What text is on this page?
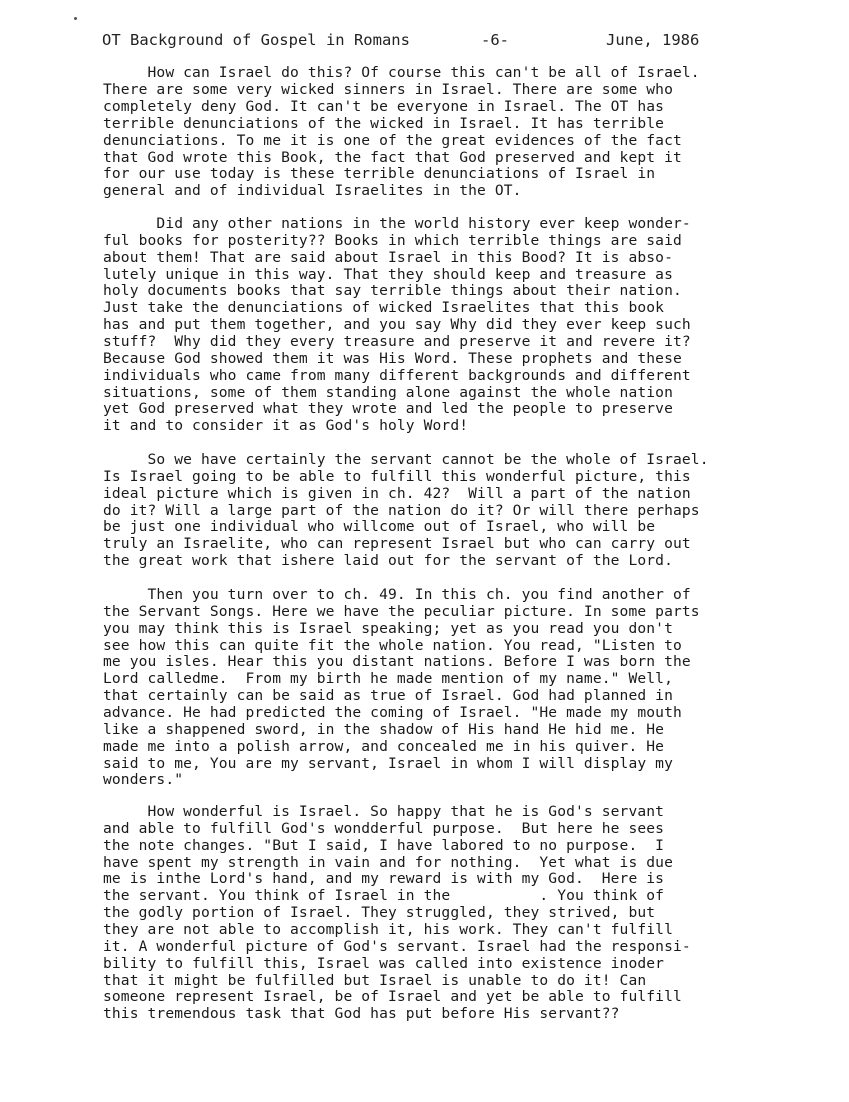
OT Background of Gospel in Romans	-6-	June, 1986
How can Israel do this? Of course this can't be all of Israel.
There are some very wicked sinners in Israel. There are some who
completely deny God. It can't be everyone in Israel. The OT has
terrible denunciations of the wicked in Israel. It has terrible
denunciations. To me it is one of the great evidences of the fact
that God wrote this Book, the fact that God preserved and kept it
for our use today is these terrible denunciations of Israel in
general and of individual Israelites in the OT.
Did any other nations in the world history ever keep wonder-
ful books for posterity?? Books in which terrible things are said
about them! That are said about Israel in this Bood? It is abso-
lutely unique in this way. That they should keep and treasure as
holy documents books that say terrible things about their nation.
Just take the denunciations of wicked Israelites that this book
has and put them together, and you say Why did they ever keep such
stuff?  Why did they every treasure and preserve it and revere it?
Because God showed them it was His Word. These prophets and these
individuals who came from many different backgrounds and different
situations, some of them standing alone against the whole nation
yet God preserved what they wrote and led the people to preserve
it and to consider it as God's holy Word!
So we have certainly the servant cannot be the whole of Israel.
Is Israel going to be able to fulfill this wonderful picture, this
ideal picture which is given in ch. 42?  Will a part of the nation
do it? Will a large part of the nation do it? Or will there perhaps
be just one individual who willcome out of Israel, who will be
truly an Israelite, who can represent Israel but who can carry out
the great work that ishere laid out for the servant of the Lord.
Then you turn over to ch. 49. In this ch. you find another of
the Servant Songs. Here we have the peculiar picture. In some parts
you may think this is Israel speaking; yet as you read you don't
see how this can quite fit the whole nation. You read, "Listen to
me you isles. Hear this you distant nations. Before I was born the
Lord calledme.  From my birth he made mention of my name." Well,
that certainly can be said as true of Israel. God had planned in
advance. He had predicted the coming of Israel. "He made my mouth
like a shappened sword, in the shadow of His hand He hid me. He
made me into a polish arrow, and concealed me in his quiver. He
said to me, You are my servant, Israel in whom I will display my
wonders."
How wonderful is Israel. So happy that he is God's servant
and able to fulfill God's wondderful purpose.  But here he sees
the note changes. "But I said, I have labored to no purpose.  I
have spent my strength in vain and for nothing.  Yet what is due
me is inthe Lord's hand, and my reward is with my God.  Here is
the servant. You think of Israel in the          . You think of
the godly portion of Israel. They struggled, they strived, but
they are not able to accomplish it, his work. They can't fulfill
it. A wonderful picture of God's servant. Israel had the responsi-
bility to fulfill this, Israel was called into existence inoder
that it might be fulfilled but Israel is unable to do it! Can
someone represent Israel, be of Israel and yet be able to fulfill
this tremendous task that God has put before His servant??
